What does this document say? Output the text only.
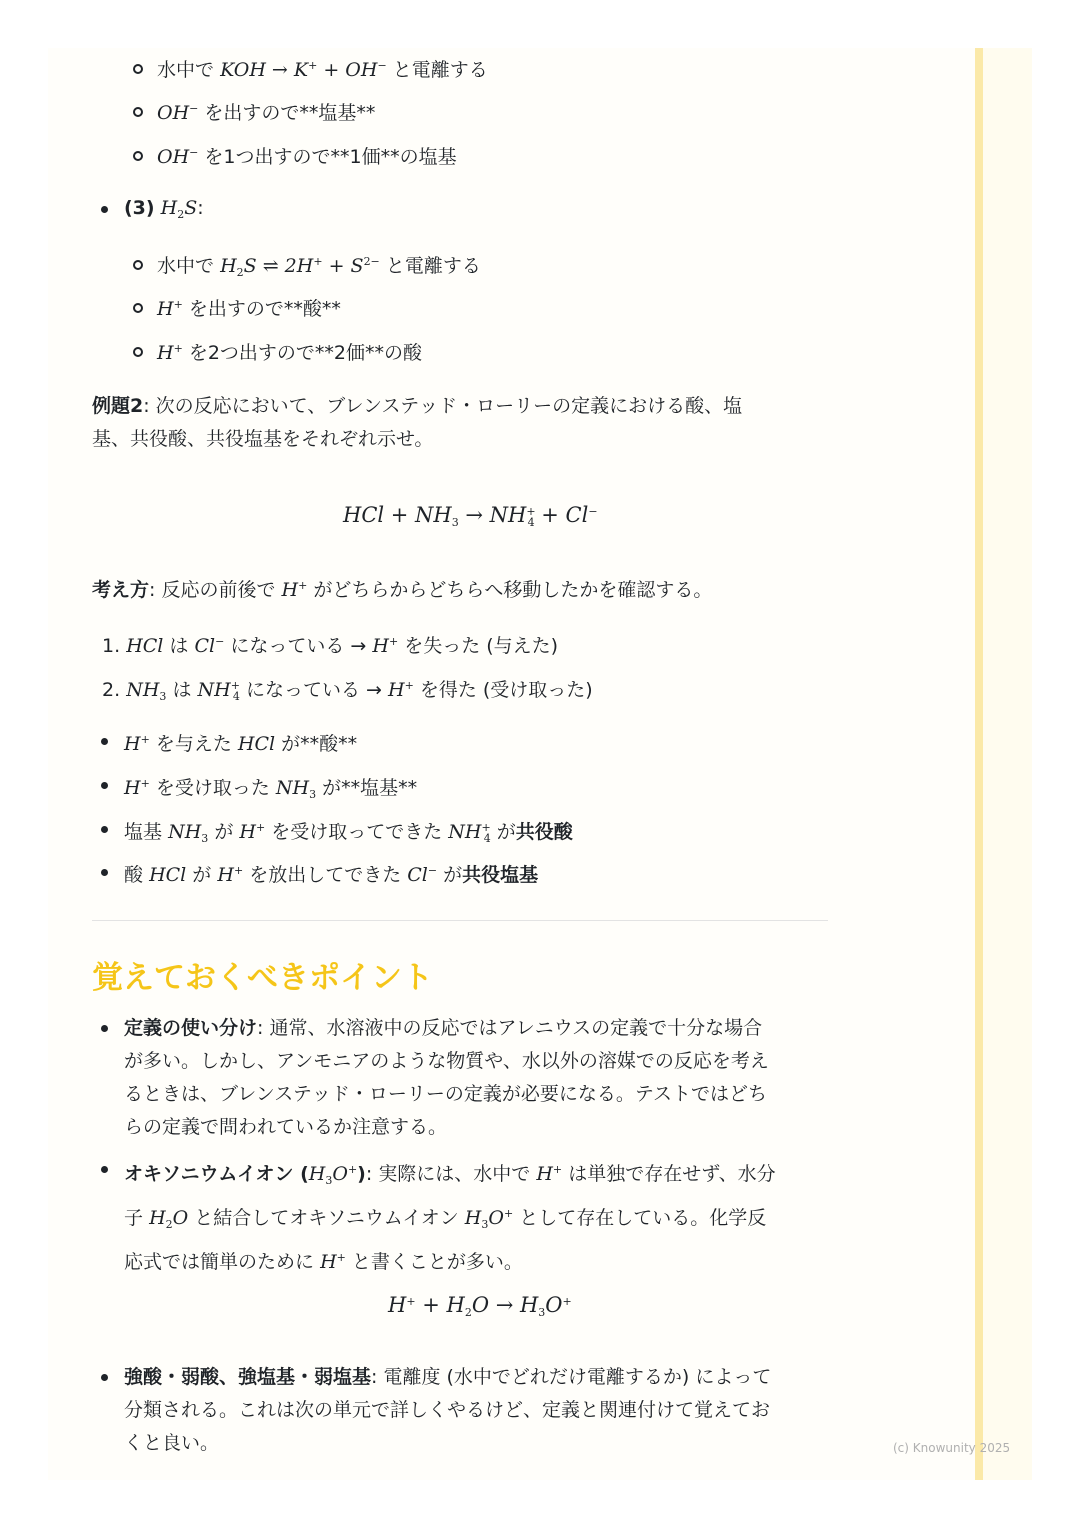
水中で KOH → K+ + OH− と電離する
OH− を出すので**塩基**
OH− を1つ出すので**1価**の塩基
(3) $H_2S$:
水中で $H_2S$ ⇌ $2H^+ + S^{2-}$ と電離する
H+ を出すので**酸**
H+ を2つ出すので**2価**の酸
例題2: 次の反応において、ブレンステッド・ローリーの定義における酸、塩
基、共役酸、共役塩基をそれぞれ示せ。
HCl + NH3 → NH+4 + Cl−
考え方: 反応の前後で H+ がどちらからどちらへ移動したかを確認する。
1. HCl は Cl− になっている → H+ を失った (与えた)
2. $NH_3$ は $NH^+_4$ になっている → H+ を得た (受け取った)
H+ を与えた HCl が**酸**
H+ を受け取った $NH_3$ が**塩基**
塩基 $NH_3$ が H+ を受け取ってできた $NH^+_4$ が共役酸
酸 HCl が H+ を放出してできた Cl− が共役塩基
覚えておくべきポイント
定義の使い分け: 通常、水溶液中の反応ではアレニウスの定義で十分な場合
が多い。しかし、アンモニアのような物質や、水以外の溶媒での反応を考え
るときは、ブレンステッド・ローリーの定義が必要になる。テストではどち
らの定義で問われているか注意する。
オキソニウムイオン $(H_3O^+)$: 実際には、水中で H+ は単独で存在せず、水分
子 $H_2O$ と結合してオキソニウムイオン $H_3O^+$ として存在している。化学反
応式では簡単のために H+ と書くことが多い。
H+ + H2O → H3O+
強酸・弱酸、強塩基・弱塩基: 電離度 (水中でどれだけ電離するか) によって
分類される。これは次の単元で詳しくやるけど、定義と関連付けて覚えてお
くと良い。	(c) Knowunity 2025
